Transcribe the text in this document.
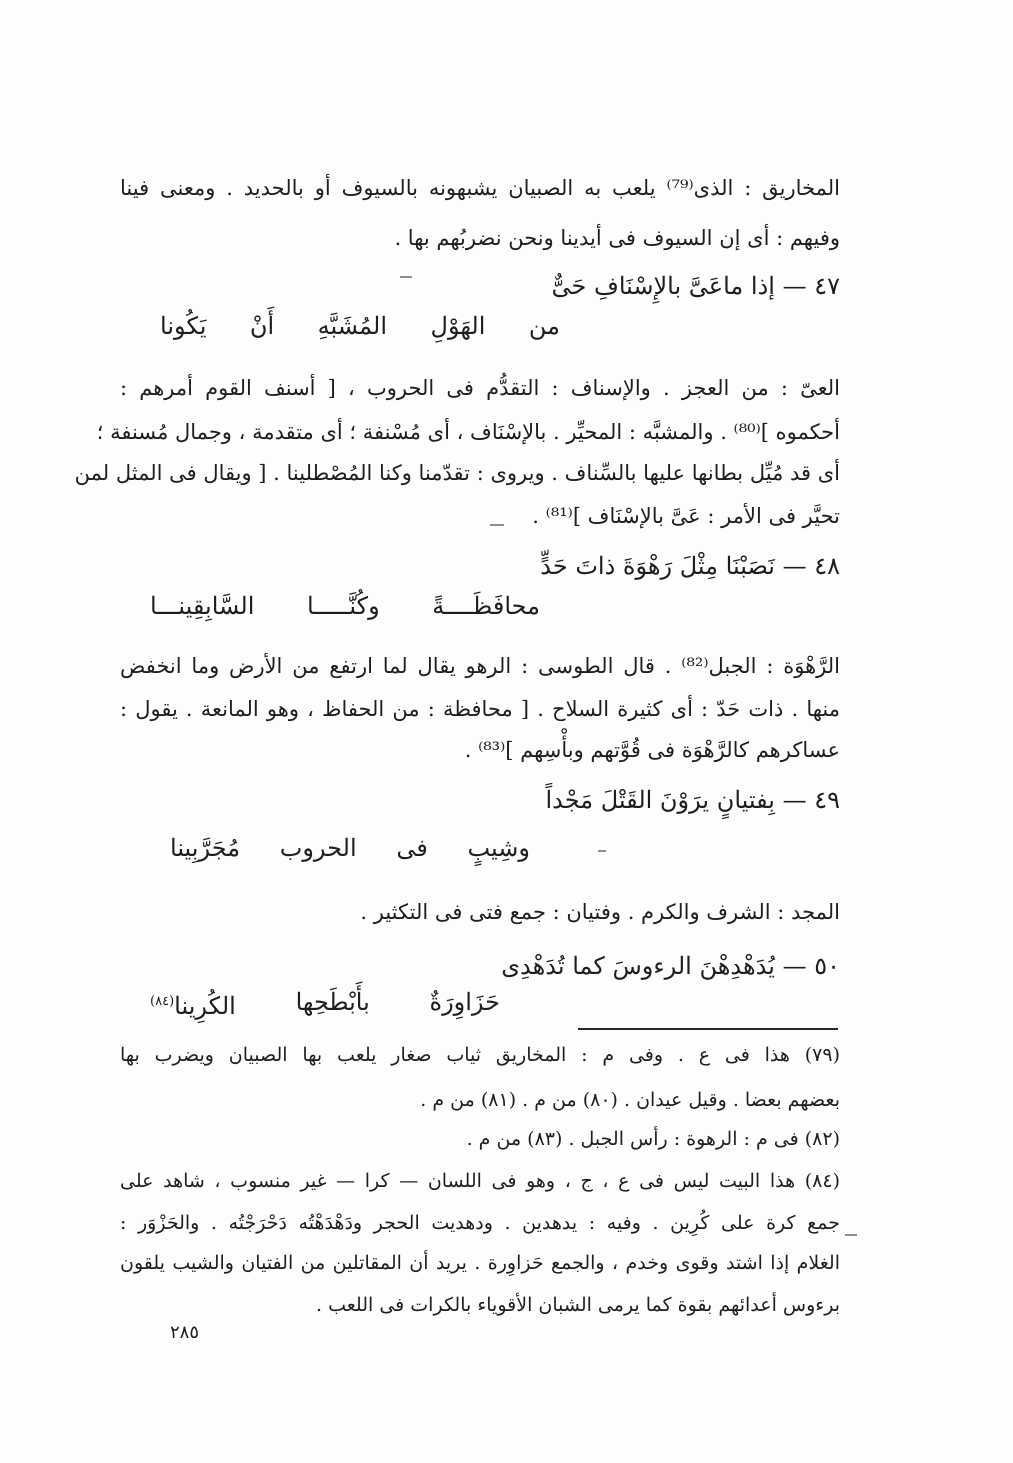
المخاريق : الذى⁽⁷⁹⁾ يلعب به الصبيان يشبهونه بالسيوف أو بالحديد . ومعنى فينا
وفيهم : أى إن السيوف فى أيدينا ونحن نضربُهم بها .
٤٧ — إذا ماعَىَّ بالإِسْنَافِ حَىٌّ
من
الهَوْلِ
المُشَبَّهِ
أَنْ
يَكُونا
العىّ : من العجز . والإسناف : التقدُّم فى الحروب ، [ أسنف القوم أمرهم :
أحكموه ]⁽⁸⁰⁾ . والمشبَّه : المحيِّر . بالإسْنَاف ، أى مُسْنفة ؛ أى متقدمة ، وجمال مُسنفة ؛
أى قد مُيِّل بطانها عليها بالسِّناف . ويروى : تقدّمنا وكنا المُصْطلينا . [ ويقال فى المثل لمن
تحيَّر فى الأمر : عَىَّ بالإسْنَاف ]⁽⁸¹⁾ .
٤٨ — نَصَبْنَا مِثْلَ رَهْوَةَ ذاتَ حَدٍّ
محافَظَــــةً
وكُنَّـــــا
السَّابِقِينـــا
الرَّهْوَة : الجبل⁽⁸²⁾ . قال الطوسى : الرهو يقال لما ارتفع من الأرض وما انخفض
منها . ذات حَدّ : أى كثيرة السلاح . [ محافظة : من الحفاظ ، وهو المانعة . يقول :
عساكرهم كالرَّهْوَة فى قُوَّتهم وبأْسِهم ]⁽⁸³⁾ .
٤٩ — بِفتيانٍ يرَوْنَ القَتْلَ مَجْداً
وشِيبٍ
فى
الحروب
مُجَرَّبِينا
المجد : الشرف والكرم . وفتيان : جمع فتى فى التكثير .
٥٠ — يُدَهْدِهْنَ الرءوسَ كما تُدَهْدِى
حَزَاوِرَةٌ
بأَبْطَحِها
الكُرِينا$^{(٨٤)}$
(٧٩) هذا فى ع . وفى م : المخاريق ثياب صغار يلعب بها الصبيان ويضرب بها
بعضهم بعضا . وقيل عيدان . (٨٠) من م . (٨١) من م .
(٨٢) فى م : الرهوة : رأس الجبل . (٨٣) من م .
(٨٤) هذا البيت ليس فى ع ، ج ، وهو فى اللسان — كرا — غير منسوب ، شاهد على
جمع كرة على كُرِين . وفيه : يدهدين . ودهديت الحجر ودَهْدَهْتُه دَحْرَجْتُه . والحَزْوَر :
الغلام إذا اشتد وقوى وخدم ، والجمع حَزاوِرة . يريد أن المقاتلين من الفتيان والشيب يلقون
برءوس أعدائهم بقوة كما يرمى الشبان الأقوياء بالكرات فى اللعب .
٢٨٥
